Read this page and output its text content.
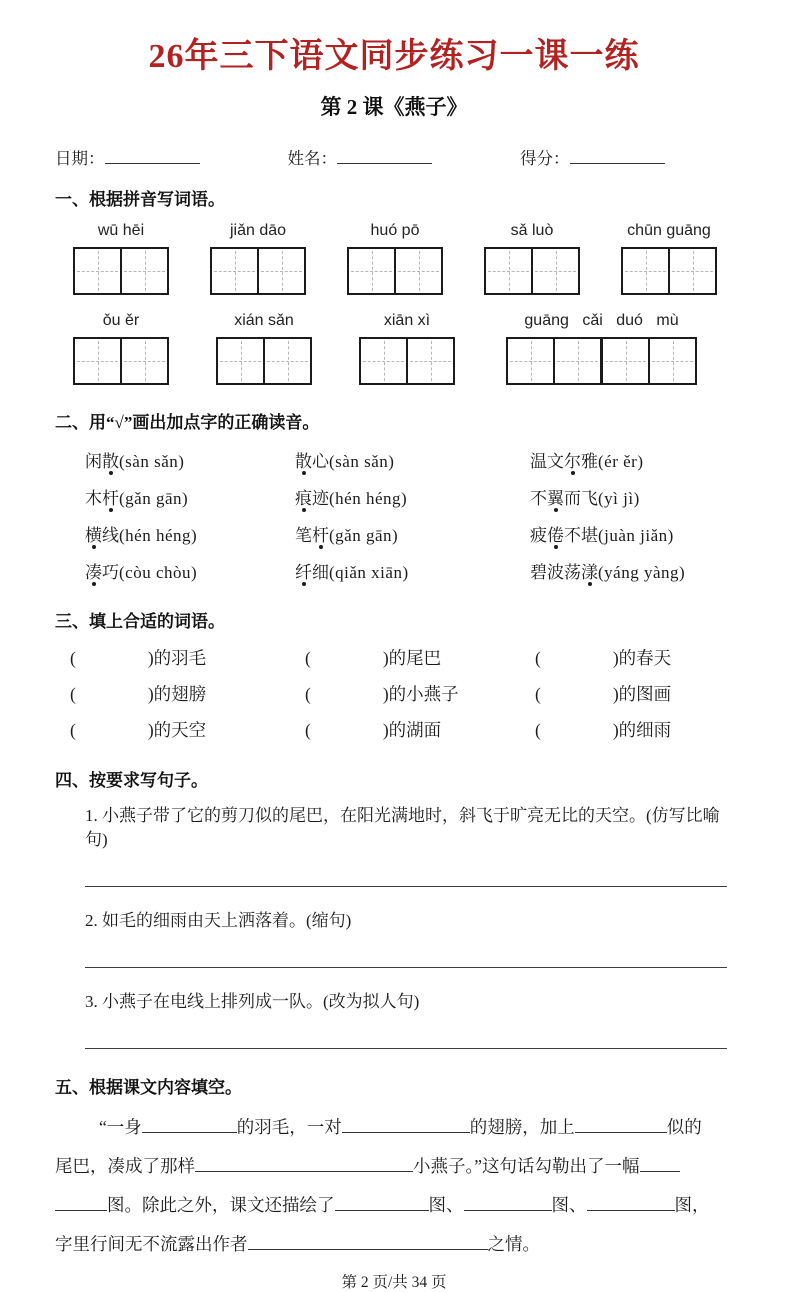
26年三下语文同步练习一课一练
第 2 课《燕子》
日期：	姓名：	得分：
一、根据拼音写词语。
wū hēi	jiǎn dāo	huó pō	sǎ luò	chūn guāng
ǒu ěr	xián sǎn	xiān xì	guāng cǎi duó mù
二、用“√”画出加点字的正确读音。
闲散(sàn sǎn)	散心(sàn sǎn)	温文尔雅(ér ěr)
木杆(gǎn gān)	痕迹(hén héng)	不翼而飞(yì jì)
横线(hén héng)	笔杆(gǎn gān)	疲倦不堪(juàn jiǎn)
凑巧(còu chòu)	纤细(qiǎn xiān)	碧波荡漾(yáng yàng)
三、填上合适的词语。
(	)的羽毛	(	)的尾巴	(	)的春天
(	)的翅膀	(	)的小燕子	(	)的图画
(	)的天空	(	)的湖面	(	)的细雨
四、按要求写句子。
1. 小燕子带了它的剪刀似的尾巴，在阳光满地时，斜飞于旷亮无比的天空。(仿写比喻句)
2. 如毛的细雨由天上洒落着。(缩句)
3. 小燕子在电线上排列成一队。(改为拟人句)
五、根据课文内容填空。
“一身	的羽毛，一对	的翅膀，加上	似的
尾巴，凑成了那样	小燕子。”这句话勾勒出了一幅
图。除此之外，课文还描绘了	图、	图、	图，
字里行间无不流露出作者	之情。
第 2 页/共 34 页
